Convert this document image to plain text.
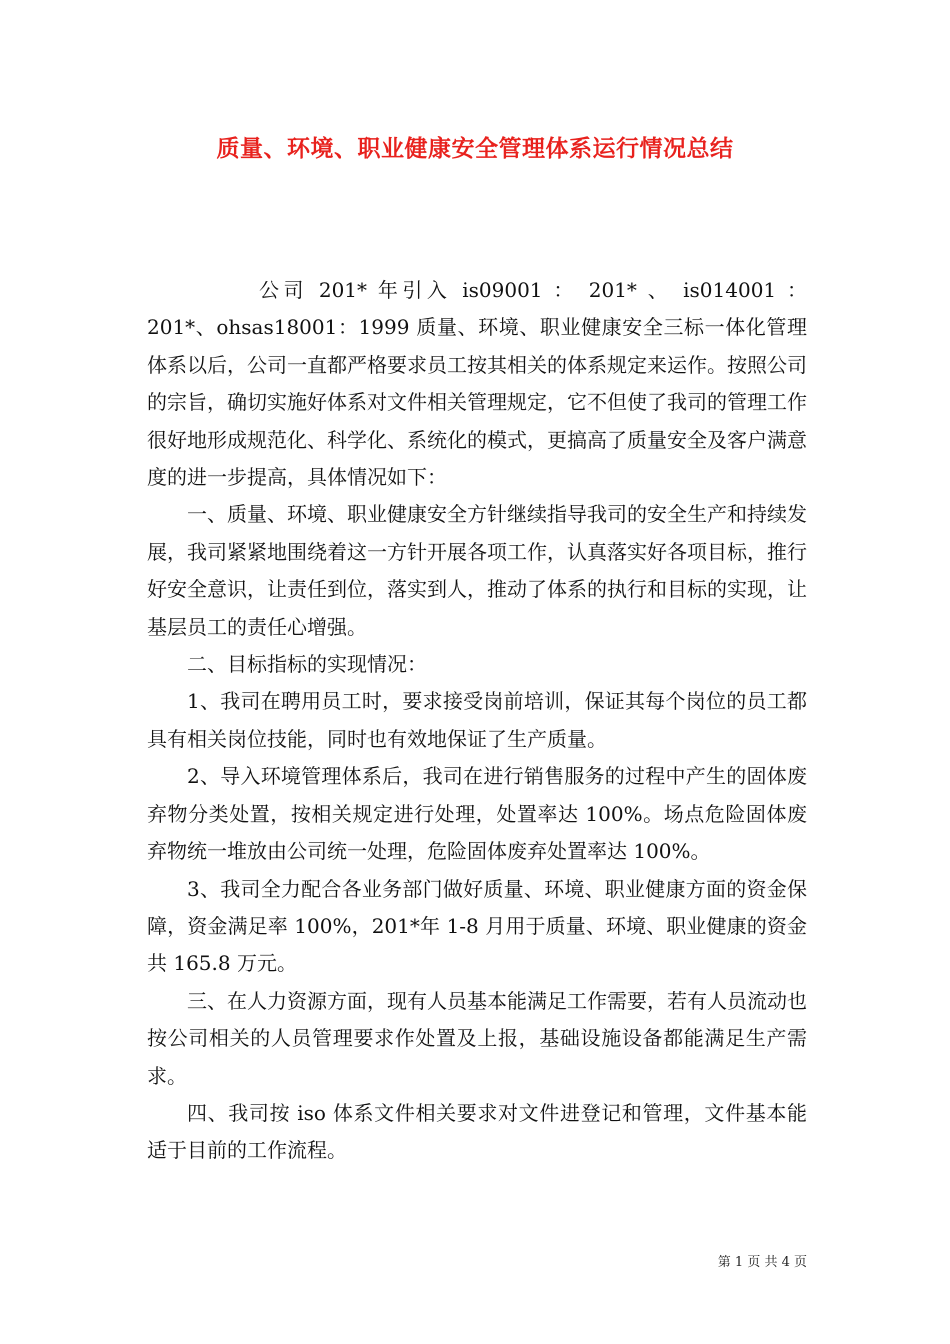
质量、环境、职业健康安全管理体系运行情况总结

公司 201* 年引入 is09001 ： 201* 、 is014001 ： 201*、ohsas18001：1999 质量、环境、职业健康安全三标一体化管理体系以后，公司一直都严格要求员工按其相关的体系规定来运作。按照公司的宗旨，确切实施好体系对文件相关管理规定，它不但使了我司的管理工作很好地形成规范化、科学化、系统化的模式，更搞高了质量安全及客户满意度的进一步提高，具体情况如下：

一、质量、环境、职业健康安全方针继续指导我司的安全生产和持续发展，我司紧紧地围绕着这一方针开展各项工作，认真落实好各项目标，推行好安全意识，让责任到位，落实到人，推动了体系的执行和目标的实现，让基层员工的责任心增强。

二、目标指标的实现情况：

1、我司在聘用员工时，要求接受岗前培训，保证其每个岗位的员工都具有相关岗位技能，同时也有效地保证了生产质量。

2、导入环境管理体系后，我司在进行销售服务的过程中产生的固体废弃物分类处置，按相关规定进行处理，处置率达 100%。场点危险固体废弃物统一堆放由公司统一处理，危险固体废弃处置率达 100%。

3、我司全力配合各业务部门做好质量、环境、职业健康方面的资金保障，资金满足率 100%，201*年 1-8 月用于质量、环境、职业健康的资金共 165.8 万元。

三、在人力资源方面，现有人员基本能满足工作需要，若有人员流动也按公司相关的人员管理要求作处置及上报，基础设施设备都能满足生产需求。

四、我司按 iso 体系文件相关要求对文件进登记和管理，文件基本能适于目前的工作流程。

第 1 页 共 4 页
